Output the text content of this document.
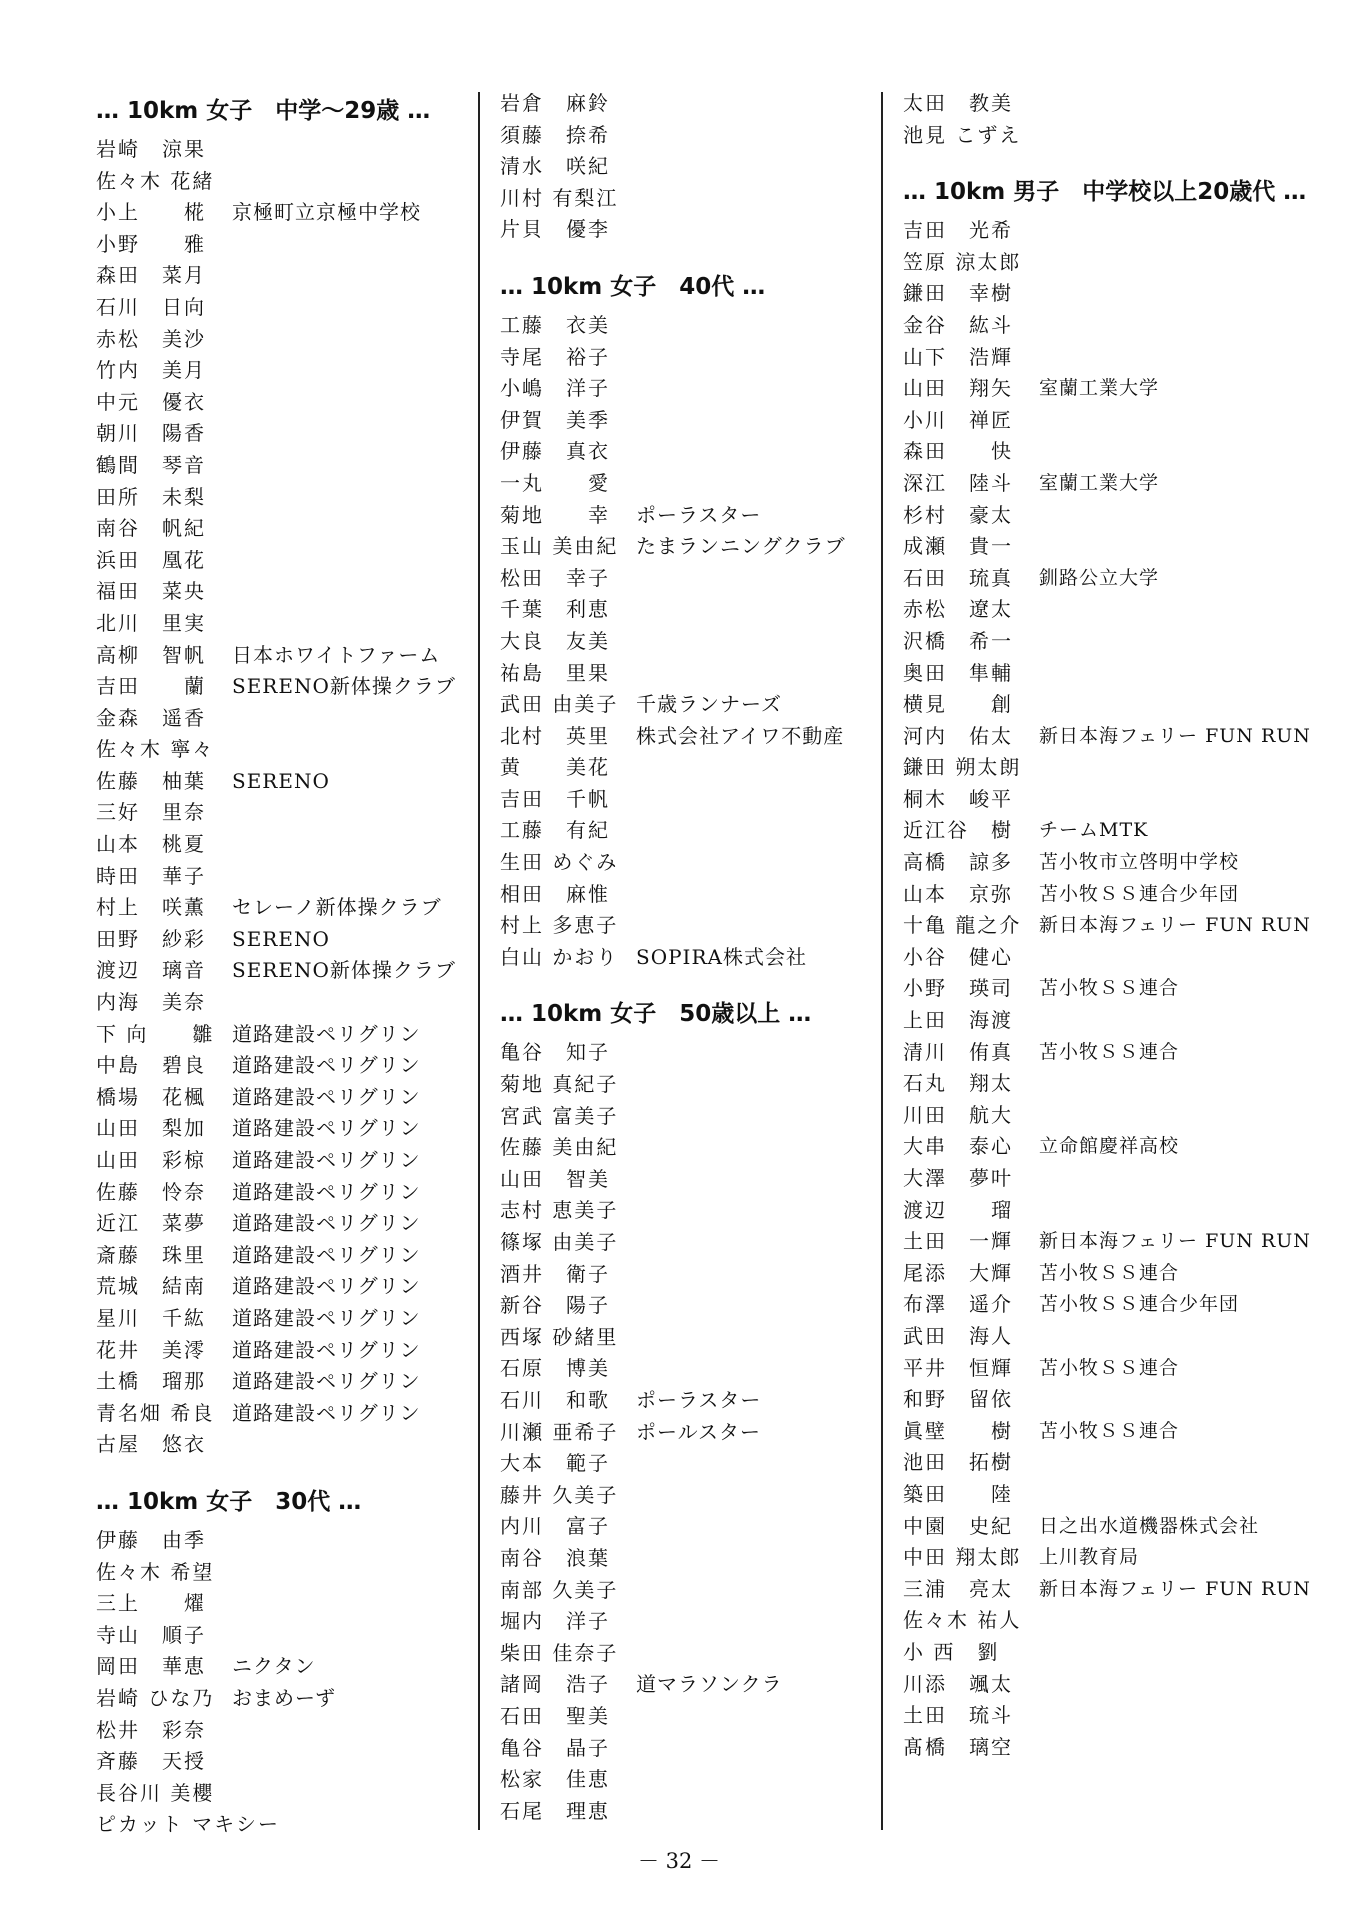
… 10km 女子　中学〜29歳 …
岩崎　涼果
佐々木 花緒
小上　　椛	京極町立京極中学校
小野　　雅
森田　菜月
石川　日向
赤松　美沙
竹内　美月
中元　優衣
朝川　陽香
鶴間　琴音
田所　未梨
南谷　帆紀
浜田　凰花
福田　菜央
北川　里実
高柳　智帆	日本ホワイトファーム
吉田　　蘭	SERENO新体操クラブ
金森　遥香
佐々木 寧々
佐藤　柚葉	SERENO
三好　里奈
山本　桃夏
時田　華子
村上　咲薫	セレーノ新体操クラブ
田野　紗彩	SERENO
渡辺　璃音	SERENO新体操クラブ
内海　美奈
下 向　　雛 道路建設ペリグリン
中島　碧良	道路建設ペリグリン
橋場　花楓	道路建設ペリグリン
山田　梨加	道路建設ペリグリン
山田　彩椋	道路建設ペリグリン
佐藤　怜奈	道路建設ペリグリン
近江　菜夢	道路建設ペリグリン
斎藤　珠里	道路建設ペリグリン
荒城　結南	道路建設ペリグリン
星川　千紘	道路建設ペリグリン
花井　美澪	道路建設ペリグリン
土橋　瑠那	道路建設ペリグリン
青名畑 希良 道路建設ペリグリン
古屋　悠衣
… 10km 女子　30代 …
伊藤　由季
佐々木 希望
三上　　燿
寺山　順子
岡田　華恵	ニクタン
岩崎 ひな乃 おまめーず
松井　彩奈
斉藤　天授
長谷川 美櫻
ピカット マキシー
岩倉　麻鈴
須藤　捺希
清水　咲紀
川村 有梨江
片貝　優李
… 10km 女子　40代 …
工藤　衣美
寺尾　裕子
小嶋　洋子
伊賀　美季
伊藤　真衣
一丸　　愛
菊地　　幸	ポーラスター
玉山 美由紀 たまランニングクラブ
松田　幸子
千葉　利恵
大良　友美
祐島　里果
武田 由美子 千歳ランナーズ
北村　英里	株式会社アイワ不動産
黄　　美花
吉田　千帆
工藤　有紀
生田 めぐみ
相田　麻惟
村上 多恵子
白山 かおり SOPIRA株式会社
… 10km 女子　50歳以上 …
亀谷　知子
菊地 真紀子
宮武 富美子
佐藤 美由紀
山田　智美
志村 恵美子
篠塚 由美子
酒井　衛子
新谷　陽子
西塚 砂緒里
石原　博美
石川　和歌	ポーラスター
川瀬 亜希子 ポールスター
大本　範子
藤井 久美子
内川　富子
南谷　浪葉
南部 久美子
堀内　洋子
柴田 佳奈子
諸岡　浩子	道マラソンクラ
石田　聖美
亀谷　晶子
松家　佳恵
石尾　理恵
太田　教美
池見 こずえ
… 10km 男子　中学校以上20歳代 …
吉田　光希
笠原 涼太郎
鎌田　幸樹
金谷　紘斗
山下　浩輝
山田　翔矢	室蘭工業大学
小川　禅匠
森田　　快
深江　陸斗	室蘭工業大学
杉村　豪太
成瀬　貴一
石田　琉真	釧路公立大学
赤松　遼太
沢橋　希一
奥田　隼輔
横見　　創
河内　佑太	新日本海フェリー FUN RUN
鎌田 朔太朗
桐木　峻平
近江谷　樹	チームMTK
高橋　諒多	苫小牧市立啓明中学校
山本　京弥	苫小牧ＳＳ連合少年団
十亀 龍之介 新日本海フェリー FUN RUN
小谷　健心
小野　瑛司	苫小牧ＳＳ連合
上田　海渡
清川　侑真	苫小牧ＳＳ連合
石丸　翔太
川田　航大
大串　泰心	立命館慶祥高校
大澤　夢叶
渡辺　　瑠
土田　一輝	新日本海フェリー FUN RUN
尾添　大輝	苫小牧ＳＳ連合
布澤　遥介	苫小牧ＳＳ連合少年団
武田　海人
平井　恒輝	苫小牧ＳＳ連合
和野　留依
眞壁　　樹	苫小牧ＳＳ連合
池田　拓樹
築田　　陸
中園　史紀	日之出水道機器株式会社
中田 翔太郎 上川教育局
三浦　亮太	新日本海フェリー FUN RUN
佐々木 祐人
小 西　劉
川添　颯太
土田　琉斗
髙橋　璃空
－ 32 －
